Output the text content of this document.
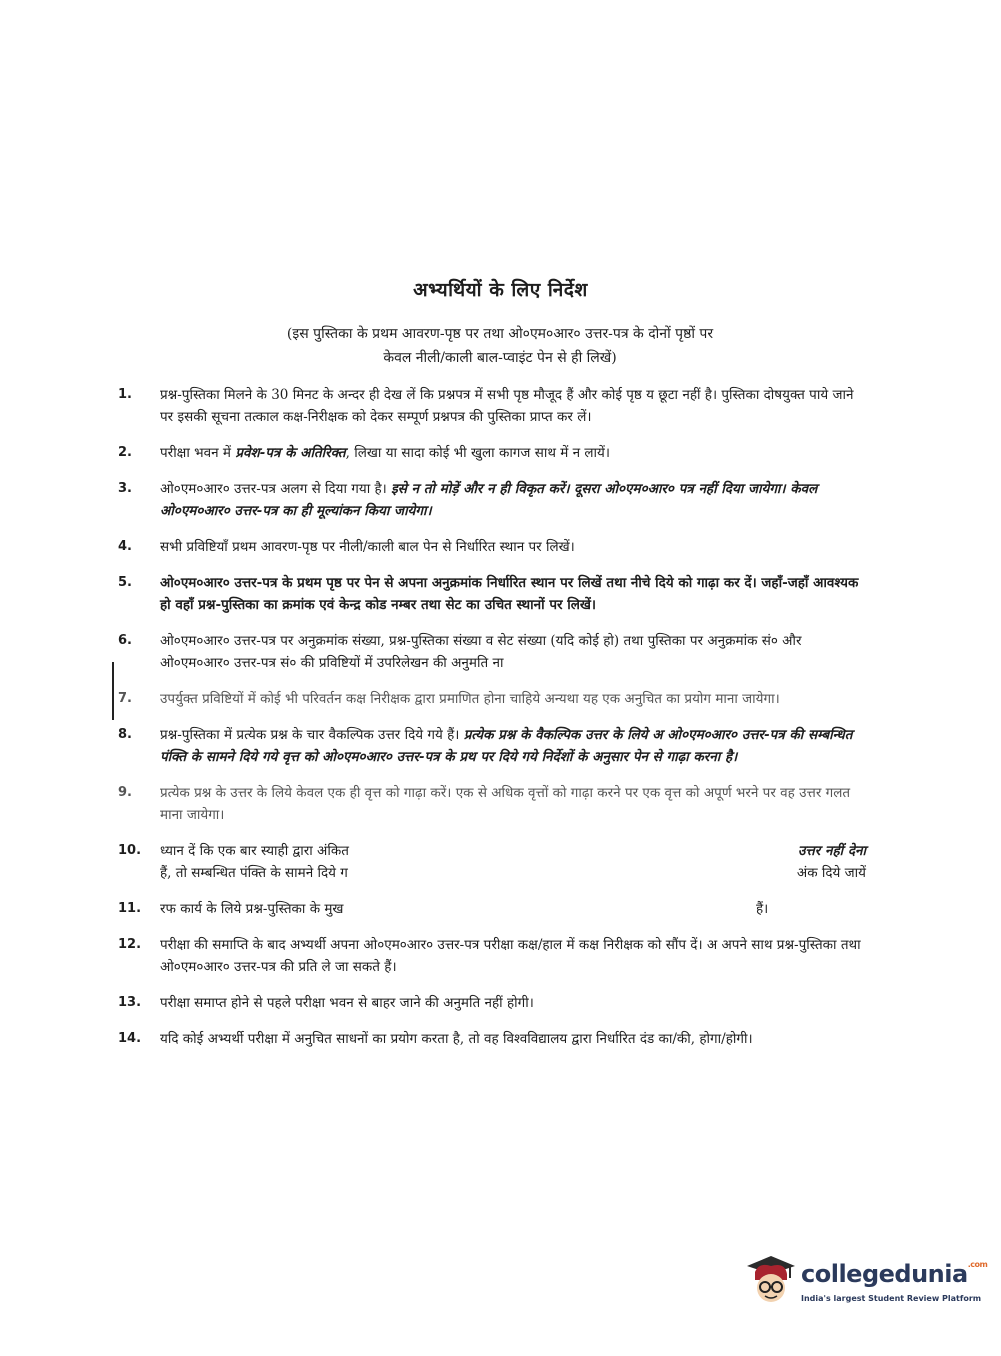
अभ्यर्थियों के लिए निर्देश
(इस पुस्तिका के प्रथम आवरण-पृष्ठ पर तथा ओ०एम०आर० उत्तर-पत्र के दोनों पृष्ठों पर
केवल नीली/काली बाल-प्वाइंट पेन से ही लिखें)
1.	प्रश्न-पुस्तिका मिलने के 30 मिनट के अन्दर ही देख लें कि प्रश्नपत्र में सभी पृष्ठ मौजूद हैं और कोई पृष्ठ य छूटा नहीं है। पुस्तिका दोषयुक्त पाये जाने पर इसकी सूचना तत्काल कक्ष-निरीक्षक को देकर सम्पूर्ण प्रश्नपत्र की पुस्तिका प्राप्त कर लें।
2.	परीक्षा भवन में प्रवेश-पत्र के अतिरिक्त, लिखा या सादा कोई भी खुला कागज साथ में न लायें।
3.	ओ०एम०आर० उत्तर-पत्र अलग से दिया गया है। इसे न तो मोड़ें और न ही विकृत करें। दूसरा ओ०एम०आर० पत्र नहीं दिया जायेगा। केवल ओ०एम०आर० उत्तर-पत्र का ही मूल्यांकन किया जायेगा।
4.	सभी प्रविष्टियाँ प्रथम आवरण-पृष्ठ पर नीली/काली बाल पेन से निर्धारित स्थान पर लिखें।
5.	ओ०एम०आर० उत्तर-पत्र के प्रथम पृष्ठ पर पेन से अपना अनुक्रमांक निर्धारित स्थान पर लिखें तथा नीचे दिये को गाढ़ा कर दें। जहाँ-जहाँ आवश्यक हो वहाँ प्रश्न-पुस्तिका का क्रमांक एवं केन्द्र कोड नम्बर तथा सेट का उचित स्थानों पर लिखें।
6.	ओ०एम०आर० उत्तर-पत्र पर अनुक्रमांक संख्या, प्रश्न-पुस्तिका संख्या व सेट संख्या (यदि कोई हो) तथा पुस्तिका पर अनुक्रमांक सं० और ओ०एम०आर० उत्तर-पत्र सं० की प्रविष्टियों में उपरिलेखन की अनुमति ना
7.	उपर्युक्त प्रविष्टियों में कोई भी परिवर्तन कक्ष निरीक्षक द्वारा प्रमाणित होना चाहिये अन्यथा यह एक अनुचित का प्रयोग माना जायेगा।
8.	प्रश्न-पुस्तिका में प्रत्येक प्रश्न के चार वैकल्पिक उत्तर दिये गये हैं। प्रत्येक प्रश्न के वैकल्पिक उत्तर के लिये अ ओ०एम०आर० उत्तर-पत्र की सम्बन्धित पंक्ति के सामने दिये गये वृत्त को ओ०एम०आर० उत्तर-पत्र के प्रथ पर दिये गये निर्देशों के अनुसार पेन से गाढ़ा करना है।
9.	प्रत्येक प्रश्न के उत्तर के लिये केवल एक ही वृत्त को गाढ़ा करें। एक से अधिक वृत्तों को गाढ़ा करने पर एक वृत्त को अपूर्ण भरने पर वह उत्तर गलत माना जायेगा।
10.	ध्यान दें कि एक बार स्याही द्वारा अंकित
हैं, तो सम्बन्धित पंक्ति के सामने दिये ग
उत्तर नहीं देना
अंक दिये जायें
11.	रफ कार्य के लिये प्रश्न-पुस्तिका के मुख	हैं।
12.	परीक्षा की समाप्ति के बाद अभ्यर्थी अपना ओ०एम०आर० उत्तर-पत्र परीक्षा कक्ष/हाल में कक्ष निरीक्षक को सौंप दें। अ अपने साथ प्रश्न-पुस्तिका तथा ओ०एम०आर० उत्तर-पत्र की प्रति ले जा सकते हैं।
13.	परीक्षा समाप्त होने से पहले परीक्षा भवन से बाहर जाने की अनुमति नहीं होगी।
14.	यदि कोई अभ्यर्थी परीक्षा में अनुचित साधनों का प्रयोग करता है, तो वह विश्वविद्यालय द्वारा निर्धारित दंड का/की, होगा/होगी।
collegedunia$^{.com}$
India's largest Student Review Platform
